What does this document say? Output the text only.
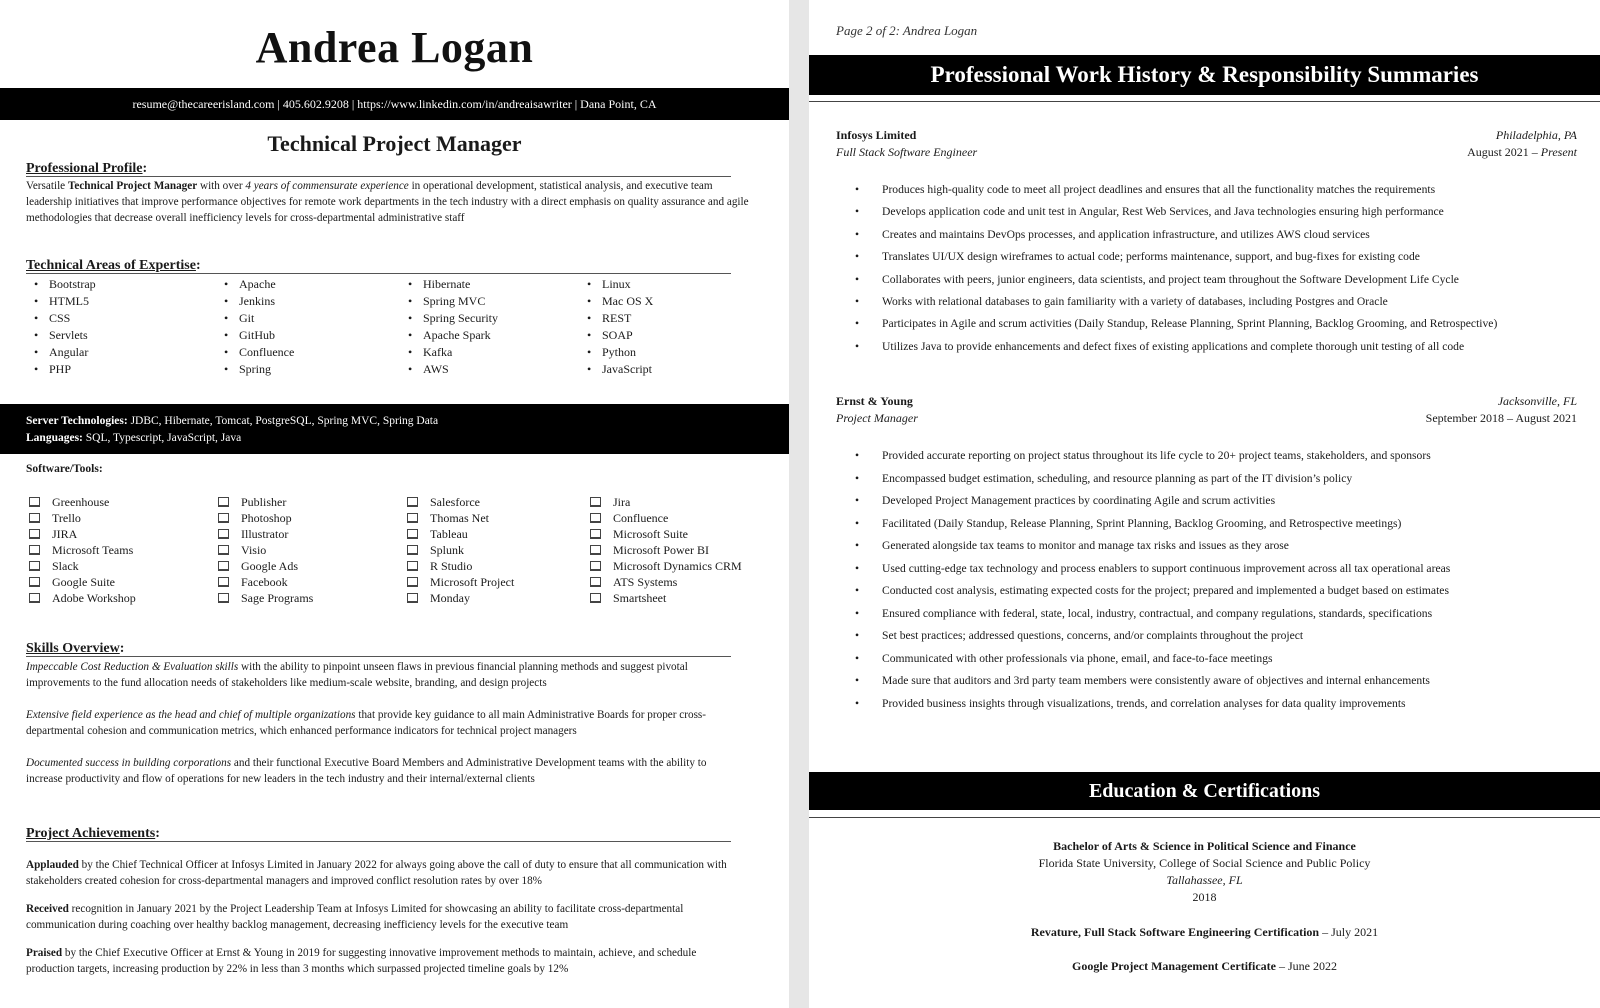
Andrea Logan
resume@thecareerisland.com | 405.602.9208 | https://www.linkedin.com/in/andreaisawriter | Dana Point, CA
Technical Project Manager
Professional Profile:
Versatile Technical Project Manager with over 4 years of commensurate experience in operational development, statistical analysis, and executive team leadership initiatives that improve performance objectives for remote work departments in the tech industry with a direct emphasis on quality assurance and agile methodologies that decrease overall inefficiency levels for cross-departmental administrative staff
Technical Areas of Expertise:
• Bootstrap
• HTML5
• CSS
• Servlets
• Angular
• PHP
• Apache
• Jenkins
• Git
• GitHub
• Confluence
• Spring
• Hibernate
• Spring MVC
• Spring Security
• Apache Spark
• Kafka
• AWS
• Linux
• Mac OS X
• REST
• SOAP
• Python
• JavaScript
Server Technologies: JDBC, Hibernate, Tomcat, PostgreSQL, Spring MVC, Spring Data
Languages: SQL, Typescript, JavaScript, Java
Software/Tools:
Greenhouse
Trello
JIRA
Microsoft Teams
Slack
Google Suite
Adobe Workshop
Publisher
Photoshop
Illustrator
Visio
Google Ads
Facebook
Sage Programs
Salesforce
Thomas Net
Tableau
Splunk
R Studio
Microsoft Project
Monday
Jira
Confluence
Microsoft Suite
Microsoft Power BI
Microsoft Dynamics CRM
ATS Systems
Smartsheet
Skills Overview:
Impeccable Cost Reduction & Evaluation skills with the ability to pinpoint unseen flaws in previous financial planning methods and suggest pivotal improvements to the fund allocation needs of stakeholders like medium-scale website, branding, and design projects
Extensive field experience as the head and chief of multiple organizations that provide key guidance to all main Administrative Boards for proper cross-departmental cohesion and communication metrics, which enhanced performance indicators for technical project managers
Documented success in building corporations and their functional Executive Board Members and Administrative Development teams with the ability to increase productivity and flow of operations for new leaders in the tech industry and their internal/external clients
Project Achievements:
Applauded by the Chief Technical Officer at Infosys Limited in January 2022 for always going above the call of duty to ensure that all communication with stakeholders created cohesion for cross-departmental managers and improved conflict resolution rates by over 18%
Received recognition in January 2021 by the Project Leadership Team at Infosys Limited for showcasing an ability to facilitate cross-departmental communication during coaching over healthy backlog management, decreasing inefficiency levels for the executive team
Praised by the Chief Executive Officer at Ernst & Young in 2019 for suggesting innovative improvement methods to maintain, achieve, and schedule production targets, increasing production by 22% in less than 3 months which surpassed projected timeline goals by 12%
Page 2 of 2: Andrea Logan
Professional Work History & Responsibility Summaries
Infosys Limited
Full Stack Software Engineer
Philadelphia, PA
August 2021 – Present
• Produces high-quality code to meet all project deadlines and ensures that all the functionality matches the requirements
• Develops application code and unit test in Angular, Rest Web Services, and Java technologies ensuring high performance
• Creates and maintains DevOps processes, and application infrastructure, and utilizes AWS cloud services
• Translates UI/UX design wireframes to actual code; performs maintenance, support, and bug-fixes for existing code
• Collaborates with peers, junior engineers, data scientists, and project team throughout the Software Development Life Cycle
• Works with relational databases to gain familiarity with a variety of databases, including Postgres and Oracle
• Participates in Agile and scrum activities (Daily Standup, Release Planning, Sprint Planning, Backlog Grooming, and Retrospective)
• Utilizes Java to provide enhancements and defect fixes of existing applications and complete thorough unit testing of all code
Ernst & Young
Project Manager
Jacksonville, FL
September 2018 – August 2021
• Provided accurate reporting on project status throughout its life cycle to 20+ project teams, stakeholders, and sponsors
• Encompassed budget estimation, scheduling, and resource planning as part of the IT division’s policy
• Developed Project Management practices by coordinating Agile and scrum activities
• Facilitated (Daily Standup, Release Planning, Sprint Planning, Backlog Grooming, and Retrospective meetings)
• Generated alongside tax teams to monitor and manage tax risks and issues as they arose
• Used cutting-edge tax technology and process enablers to support continuous improvement across all tax operational areas
• Conducted cost analysis, estimating expected costs for the project; prepared and implemented a budget based on estimates
• Ensured compliance with federal, state, local, industry, contractual, and company regulations, standards, specifications
• Set best practices; addressed questions, concerns, and/or complaints throughout the project
• Communicated with other professionals via phone, email, and face-to-face meetings
• Made sure that auditors and 3rd party team members were consistently aware of objectives and internal enhancements
• Provided business insights through visualizations, trends, and correlation analyses for data quality improvements
Education & Certifications
Bachelor of Arts & Science in Political Science and Finance
Florida State University, College of Social Science and Public Policy
Tallahassee, FL
2018
Revature, Full Stack Software Engineering Certification – July 2021
Google Project Management Certificate – June 2022
